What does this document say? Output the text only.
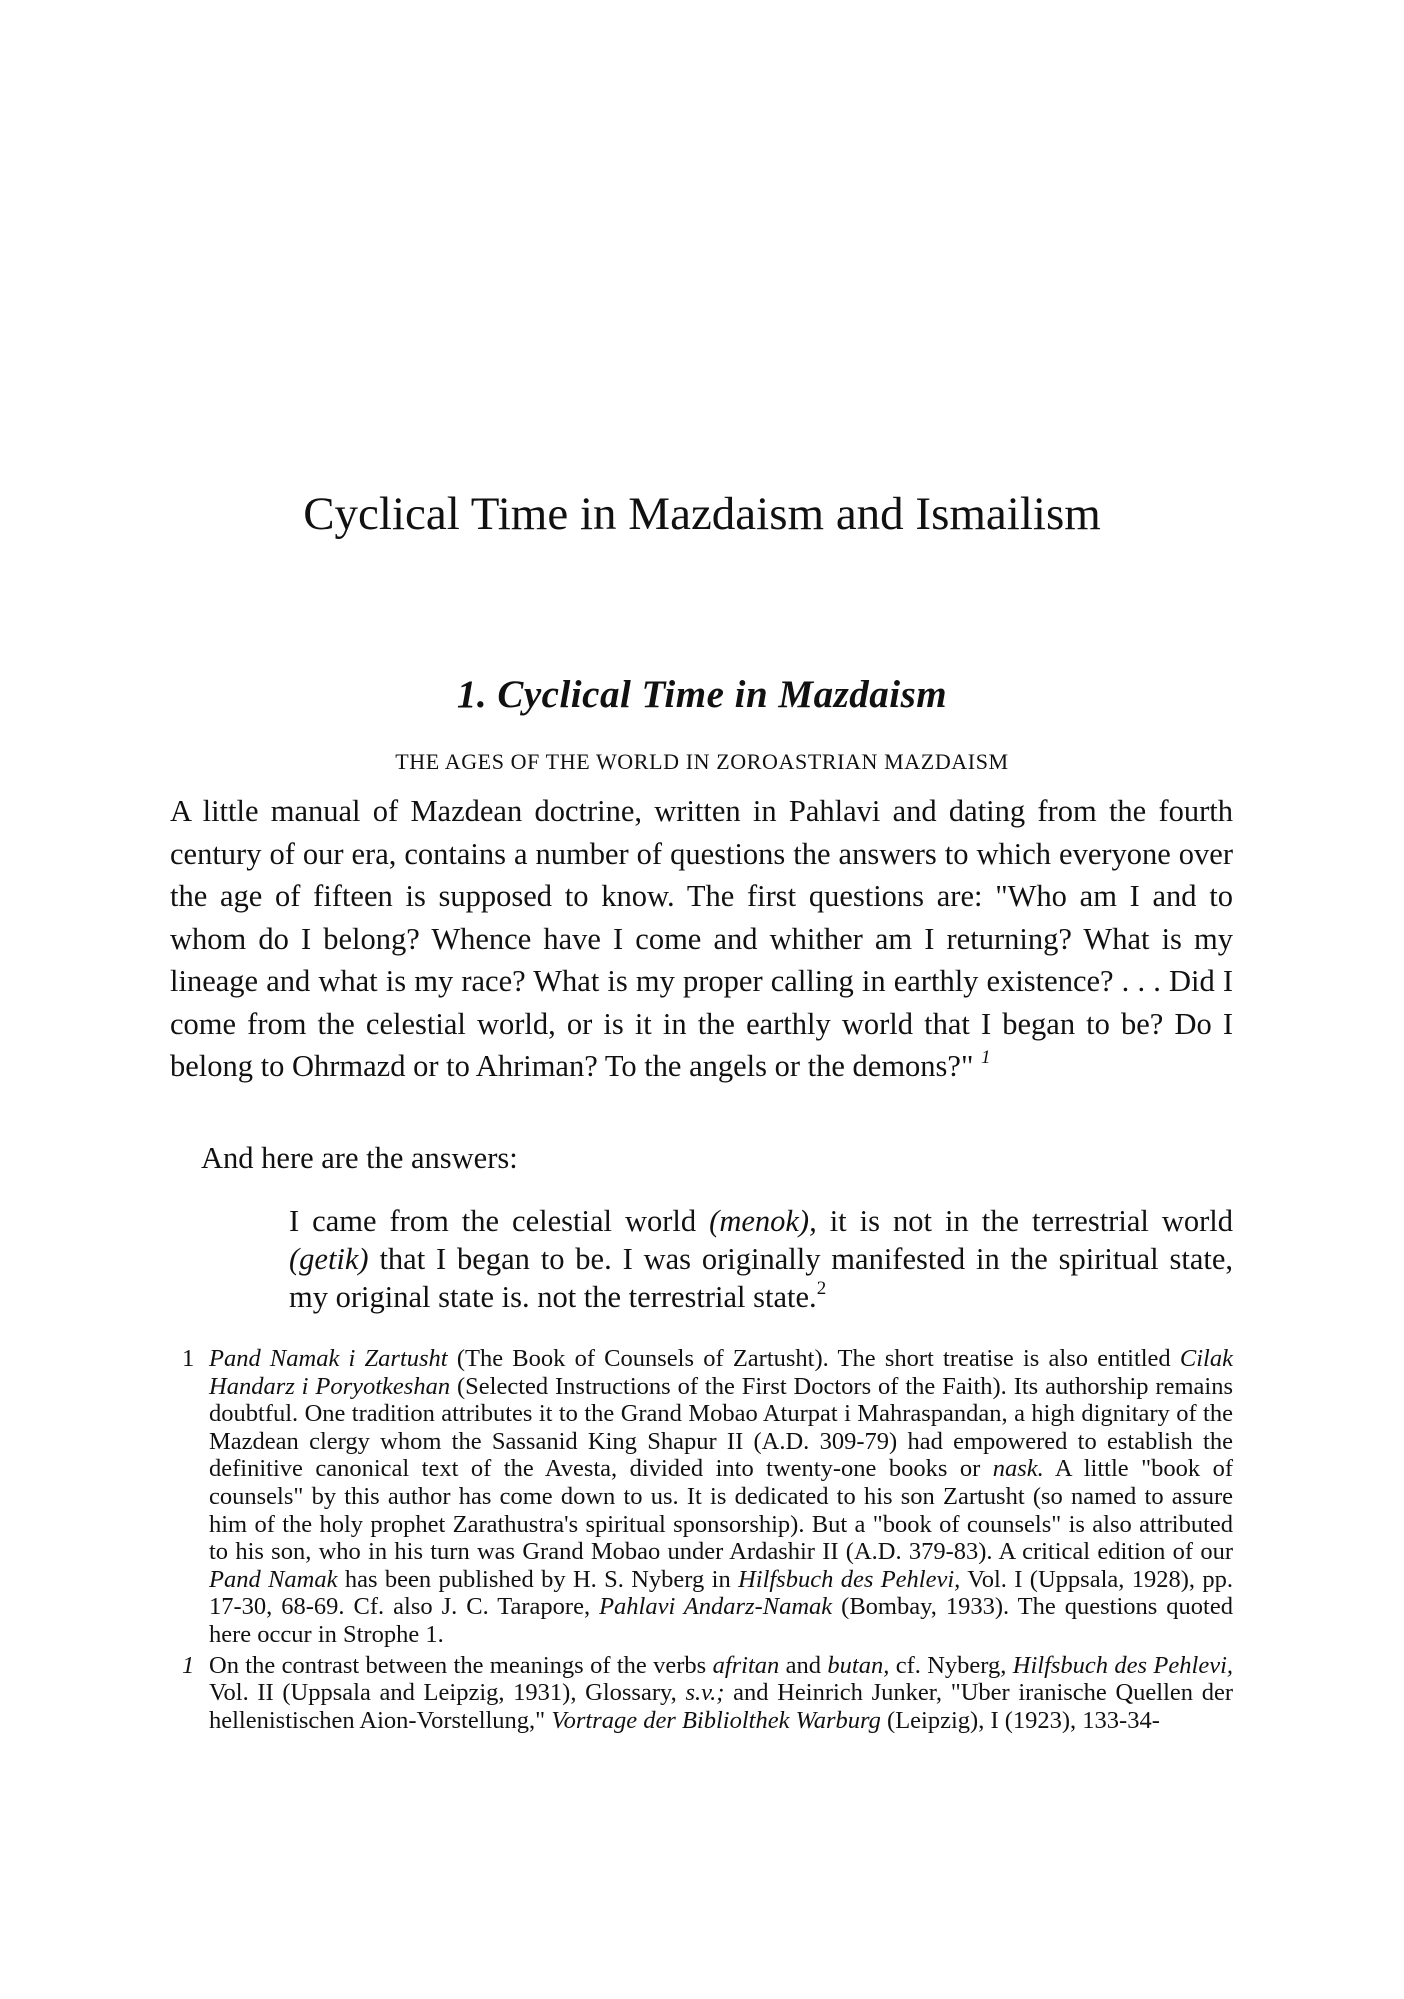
Cyclical Time in Mazdaism and Ismailism
1. Cyclical Time in Mazdaism
THE AGES OF THE WORLD IN ZOROASTRIAN MAZDAISM

A little manual of Mazdean doctrine, written in Pahlavi and dating from the fourth century of our era, contains a number of questions the answers to which everyone over the age of fifteen is supposed to know. The first questions are: "Who am I and to whom do I belong? Whence have I come and whither am I returning? What is my lineage and what is my race? What is my proper calling in earthly existence? . . . Did I come from the celestial world, or is it in the earthly world that I began to be? Do I belong to Ohrmazd or to Ahriman? To the angels or the demons?" $^1$

And here are the answers:

I came from the celestial world (menok), it is not in the terrestrial world (getik) that I began to be. I was originally manifested in the spiritual state, my original state is. not the terrestrial state.$^2$

1 Pand Namak i Zartusht (The Book of Counsels of Zartusht). The short treatise is also entitled Cilak Handarz i Poryotkeshan (Selected Instructions of the First Doctors of the Faith). Its authorship remains doubtful. One tradition attributes it to the Grand Mobao Aturpat i Mahraspandan, a high dignitary of the Mazdean clergy whom the Sassanid King Shapur II (A.D. 309-79) had empowered to establish the definitive canonical text of the Avesta, divided into twenty-one books or nask. A little "book of counsels" by this author has come down to us. It is dedicated to his son Zartusht (so named to assure him of the holy prophet Zarathustra's spiritual sponsorship). But a "book of counsels" is also attributed to his son, who in his turn was Grand Mobao under Ardashir II (A.D. 379-83). A critical edition of our Pand Namak has been published by H. S. Nyberg in Hilfsbuch des Pehlevi, Vol. I (Uppsala, 1928), pp. 17-30, 68-69. Cf. also J. C. Tarapore, Pahlavi Andarz-Namak (Bombay, 1933). The questions quoted here occur in Strophe 1.

1 On the contrast between the meanings of the verbs afritan and butan, cf. Nyberg, Hilfsbuch des Pehlevi, Vol. II (Uppsala and Leipzig, 1931), Glossary, s.v.; and Heinrich Junker, "Uber iranische Quellen der hellenistischen Aion-Vorstellung," Vortrage der Bibliolthek Warburg (Leipzig), I (1923), 133-34-
